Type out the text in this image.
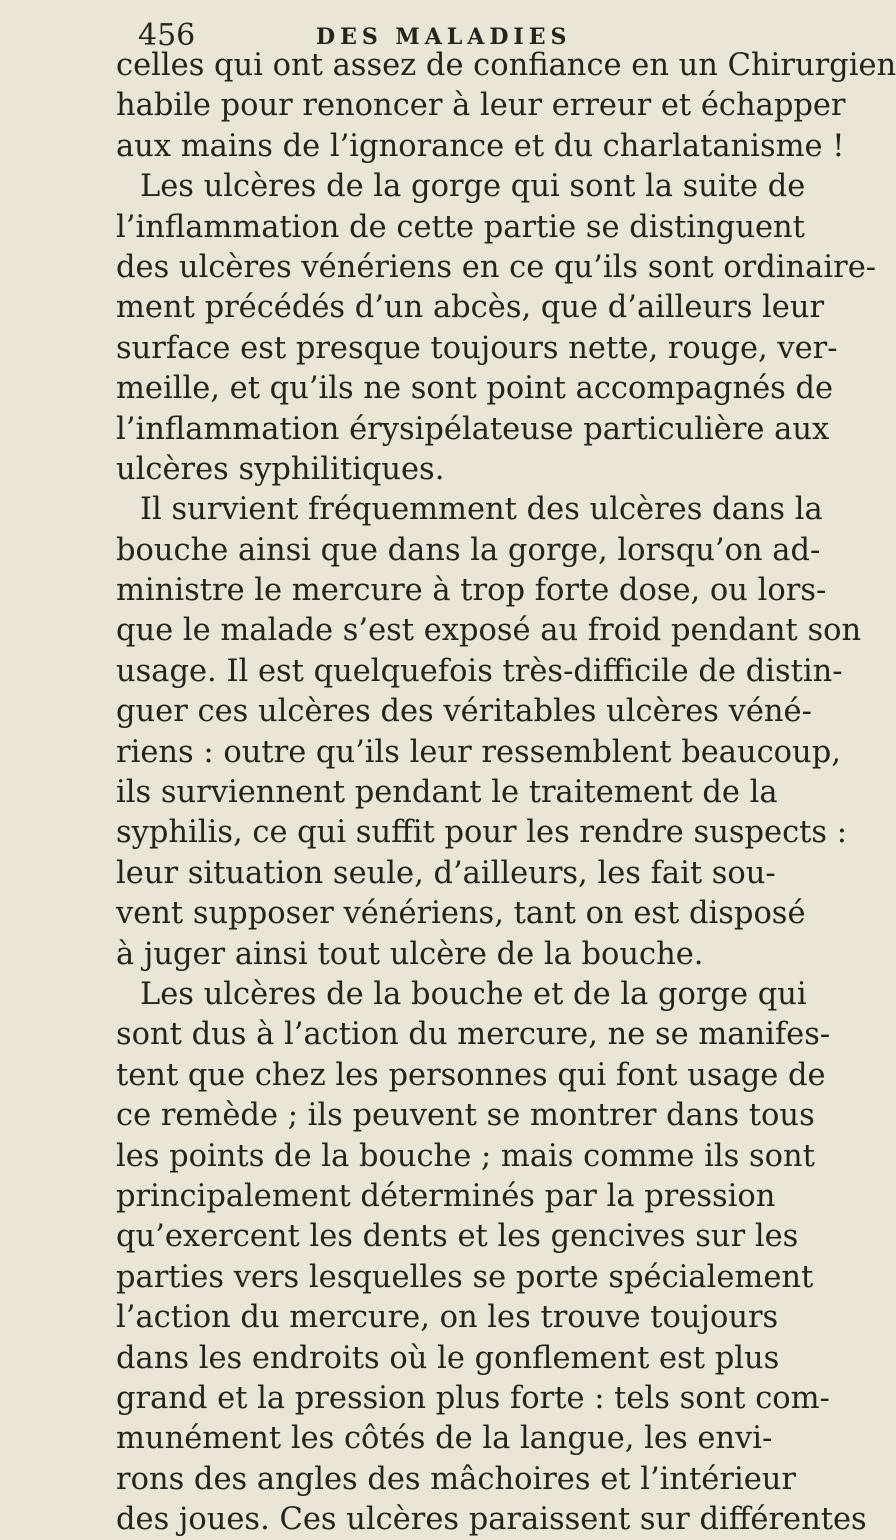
456	DES MALADIES
celles qui ont assez de confiance en un Chirurgien
habile pour renoncer à leur erreur et échapper
aux mains de l’ignorance et du charlatanisme !
Les ulcères de la gorge qui sont la suite de
l’inflammation de cette partie se distinguent
des ulcères vénériens en ce qu’ils sont ordinaire-
ment précédés d’un abcès, que d’ailleurs leur
surface est presque toujours nette, rouge, ver-
meille, et qu’ils ne sont point accompagnés de
l’inflammation érysipélateuse particulière aux
ulcères syphilitiques.
Il survient fréquemment des ulcères dans la
bouche ainsi que dans la gorge, lorsqu’on ad-
ministre le mercure à trop forte dose, ou lors-
que le malade s’est exposé au froid pendant son
usage. Il est quelquefois très-difficile de distin-
guer ces ulcères des véritables ulcères véné-
riens : outre qu’ils leur ressemblent beaucoup,
ils surviennent pendant le traitement de la
syphilis, ce qui suffit pour les rendre suspects :
leur situation seule, d’ailleurs, les fait sou-
vent supposer vénériens, tant on est disposé
à juger ainsi tout ulcère de la bouche.
Les ulcères de la bouche et de la gorge qui
sont dus à l’action du mercure, ne se manifes-
tent que chez les personnes qui font usage de
ce remède ; ils peuvent se montrer dans tous
les points de la bouche ; mais comme ils sont
principalement déterminés par la pression
qu’exercent les dents et les gencives sur les
parties vers lesquelles se porte spécialement
l’action du mercure, on les trouve toujours
dans les endroits où le gonflement est plus
grand et la pression plus forte : tels sont com-
munément les côtés de la langue, les envi-
rons des angles des mâchoires et l’intérieur
des joues. Ces ulcères paraissent sur différentes
